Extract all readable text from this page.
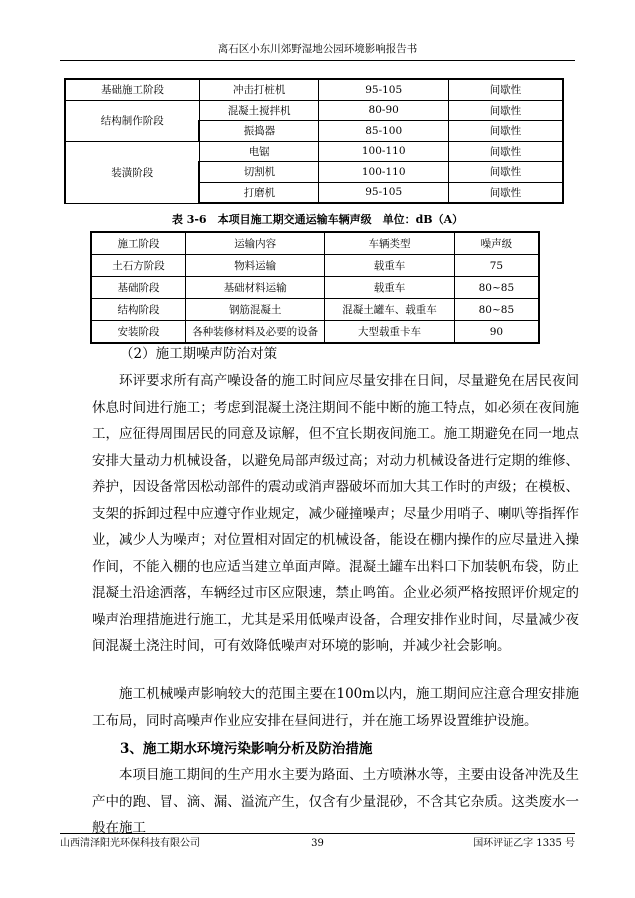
离石区小东川郊野湿地公园环境影响报告书
基础施工阶段	冲击打桩机	95-105	间歇性
结构制作阶段	混凝土搅拌机	80-90	间歇性
	振捣器	85-100	间歇性
装潢阶段	电锯	100-110	间歇性
	切割机	100-110	间歇性
	打磨机	95-105	间歇性
表 3-6　本项目施工期交通运输车辆声级　单位：dB（A）
施工阶段	运输内容	车辆类型	噪声级
土石方阶段	物料运输	载重车	75
基础阶段	基础材料运输	载重车	80~85
结构阶段	钢筋混凝土	混凝土罐车、载重车	80~85
安装阶段	各种装修材料及必要的设备	大型载重卡车	90
（2）施工期噪声防治对策
环评要求所有高产噪设备的施工时间应尽量安排在日间，尽量避免在居民夜间休息时间进行施工；考虑到混凝土浇注期间不能中断的施工特点，如必须在夜间施工，应征得周围居民的同意及谅解，但不宜长期夜间施工。施工期避免在同一地点安排大量动力机械设备，以避免局部声级过高；对动力机械设备进行定期的维修、养护，因设备常因松动部件的震动或消声器破坏而加大其工作时的声级；在模板、支架的拆卸过程中应遵守作业规定，减少碰撞噪声；尽量少用哨子、喇叭等指挥作业，减少人为噪声；对位置相对固定的机械设备，能设在棚内操作的应尽量进入操作间，不能入棚的也应适当建立单面声障。混凝土罐车出料口下加装帆布袋，防止混凝土沿途洒落，车辆经过市区应限速，禁止鸣笛。企业必须严格按照评价规定的噪声治理措施进行施工，尤其是采用低噪声设备，合理安排作业时间，尽量减少夜间混凝土浇注时间，可有效降低噪声对环境的影响，并减少社会影响。
施工机械噪声影响较大的范围主要在100m以内，施工期间应注意合理安排施工布局，同时高噪声作业应安排在昼间进行，并在施工场界设置维护设施。
3、施工期水环境污染影响分析及防治措施
本项目施工期间的生产用水主要为路面、土方喷淋水等，主要由设备冲洗及生产中的跑、冒、滴、漏、溢流产生，仅含有少量混砂，不含其它杂质。这类废水一般在施工
山西清泽阳光环保科技有限公司	39	国环评证乙字 1335 号
